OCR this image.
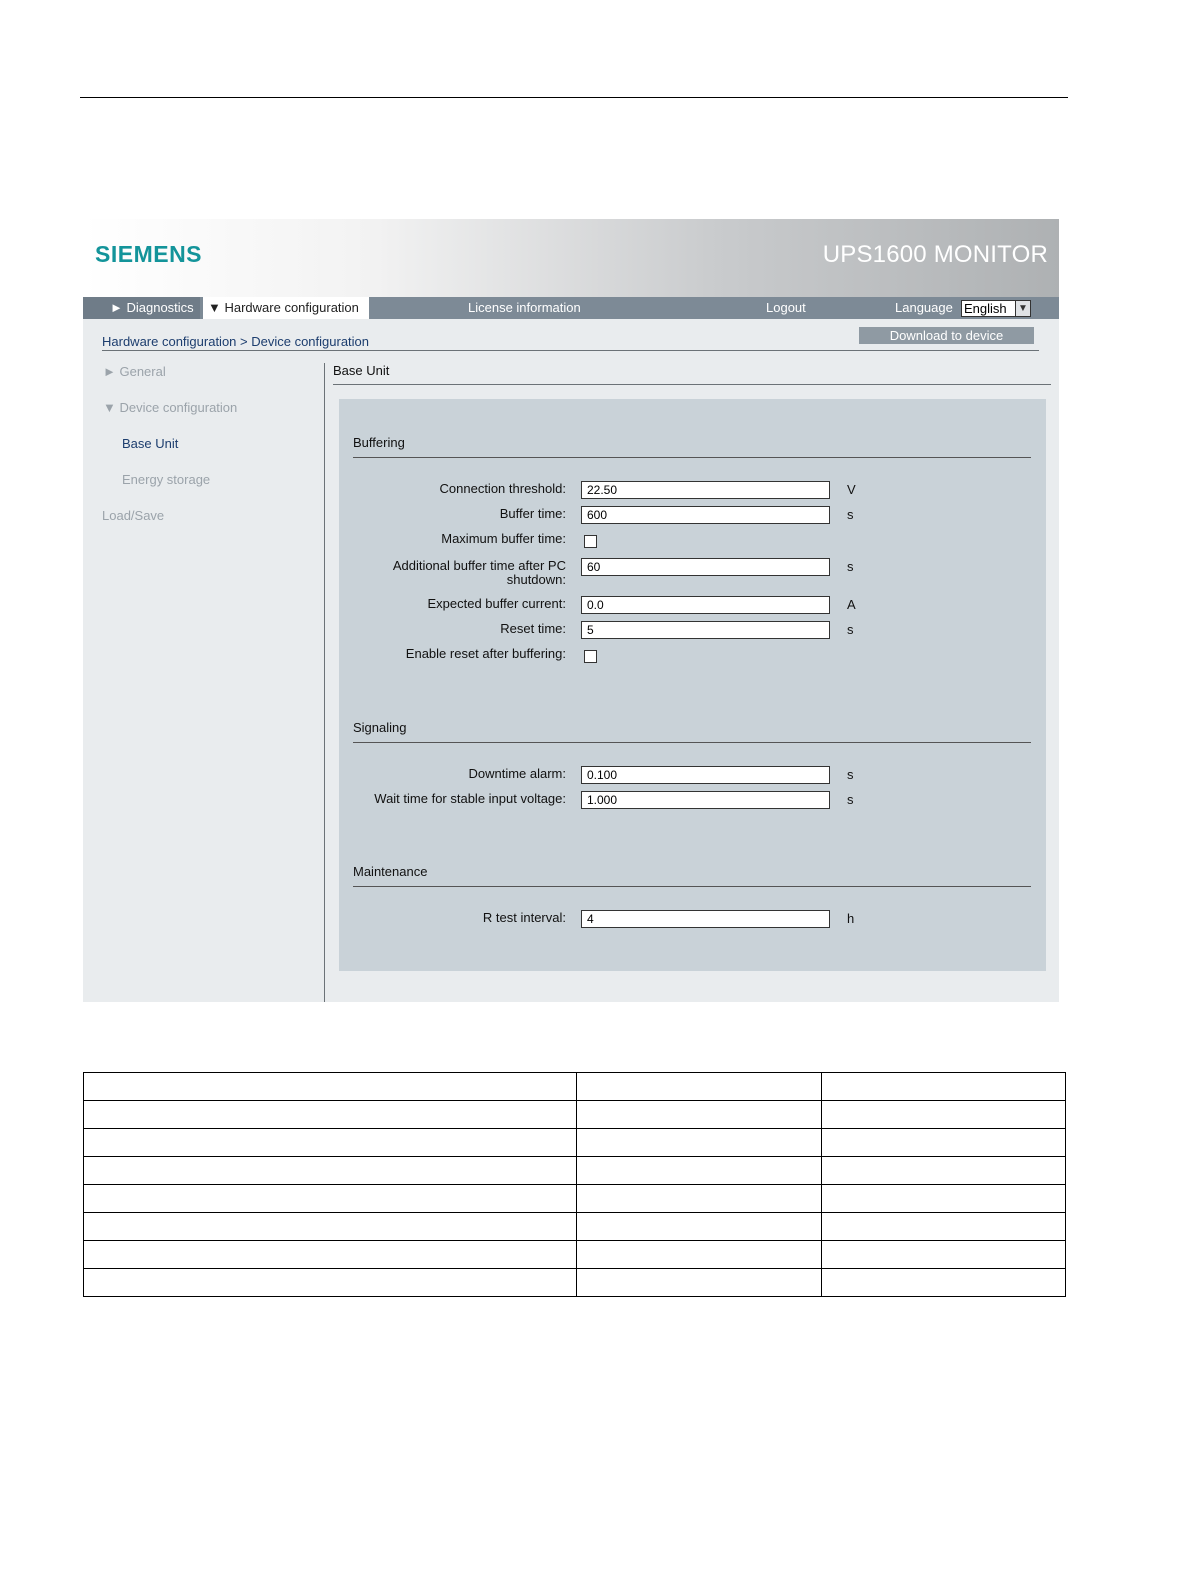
SIEMENS	UPS1600 MONITOR
► Diagnostics	▼ Hardware configuration	License information	Logout	Language English	▼
Hardware configuration > Device configuration	Download to device
► General
▼ Device configuration
Base Unit
Energy storage
Load/Save
Base Unit
Buffering
Connection threshold:	22.50	V
Buffer time:	600	s
Maximum buffer time:
Additional buffer time after PC
shutdown:
60	s
Expected buffer current:	0.0	A
Reset time:	5	s
Enable reset after buffering:
Signaling
Downtime alarm:	0.100	s
Wait time for stable input voltage:	1.000	s
Maintenance
R test interval:	4	h
